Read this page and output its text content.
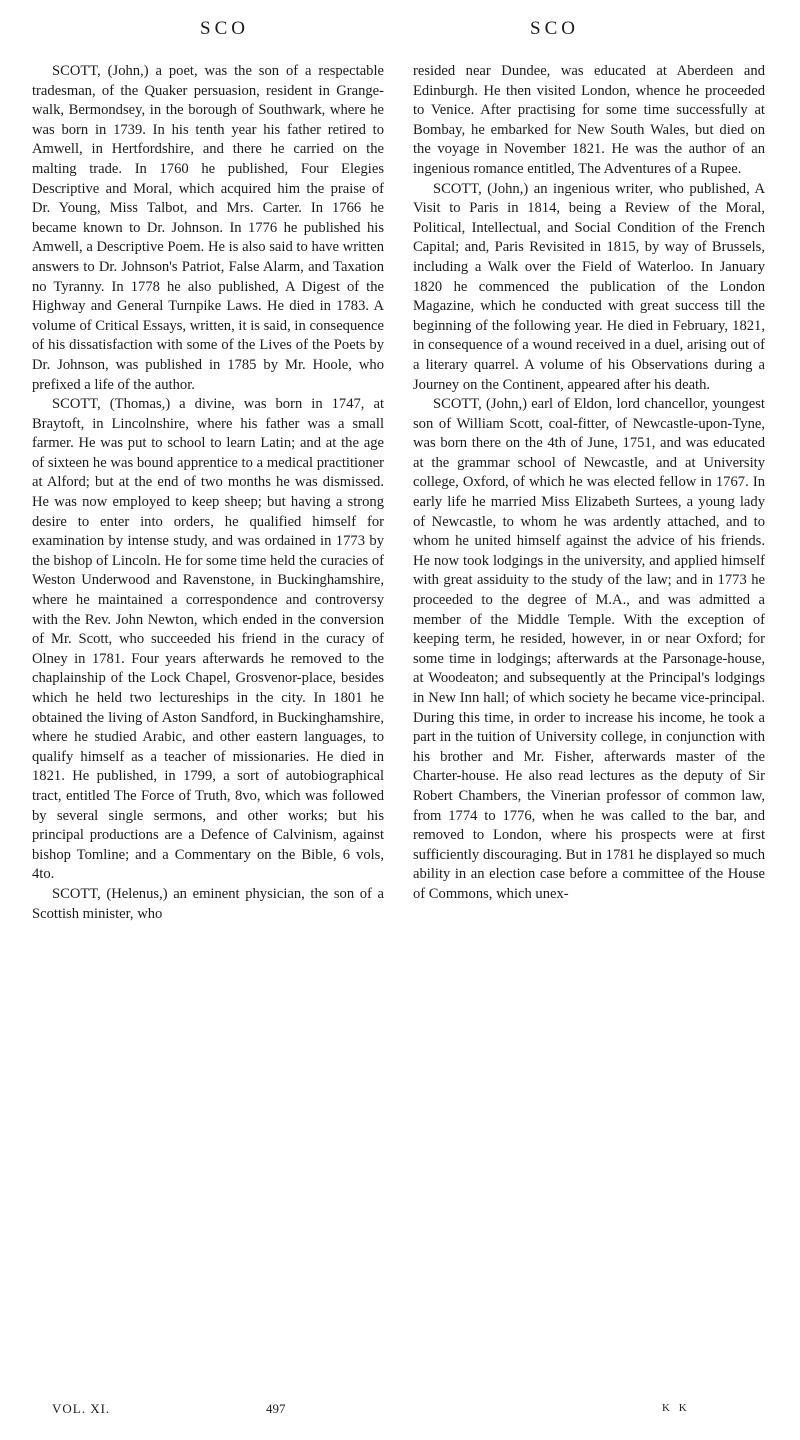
SCO	SCO

SCOTT, (John,) a poet, was the son of a respectable tradesman, of the Quaker persuasion, resident in Grange-walk, Bermondsey, in the borough of Southwark, where he was born in 1739. In his tenth year his father retired to Amwell, in Hertfordshire, and there he carried on the malting trade. In 1760 he published, Four Elegies Descriptive and Moral, which acquired him the praise of Dr. Young, Miss Talbot, and Mrs. Carter. In 1766 he became known to Dr. Johnson. In 1776 he published his Amwell, a Descriptive Poem. He is also said to have written answers to Dr. Johnson's Patriot, False Alarm, and Taxation no Tyranny. In 1778 he also published, A Digest of the Highway and General Turnpike Laws. He died in 1783. A volume of Critical Essays, written, it is said, in consequence of his dissatisfaction with some of the Lives of the Poets by Dr. Johnson, was published in 1785 by Mr. Hoole, who prefixed a life of the author.

SCOTT, (Thomas,) a divine, was born in 1747, at Braytoft, in Lincolnshire, where his father was a small farmer. He was put to school to learn Latin; and at the age of sixteen he was bound apprentice to a medical practitioner at Alford; but at the end of two months he was dismissed. He was now employed to keep sheep; but having a strong desire to enter into orders, he qualified himself for examination by intense study, and was ordained in 1773 by the bishop of Lincoln. He for some time held the curacies of Weston Underwood and Ravenstone, in Buckinghamshire, where he maintained a correspondence and controversy with the Rev. John Newton, which ended in the conversion of Mr. Scott, who succeeded his friend in the curacy of Olney in 1781. Four years afterwards he removed to the chaplainship of the Lock Chapel, Grosvenor-place, besides which he held two lectureships in the city. In 1801 he obtained the living of Aston Sandford, in Buckinghamshire, where he studied Arabic, and other eastern languages, to qualify himself as a teacher of missionaries. He died in 1821. He published, in 1799, a sort of autobiographical tract, entitled The Force of Truth, 8vo, which was followed by several single sermons, and other works; but his principal productions are a Defence of Calvinism, against bishop Tomline; and a Commentary on the Bible, 6 vols, 4to.

SCOTT, (Helenus,) an eminent physician, the son of a Scottish minister, who

resided near Dundee, was educated at Aberdeen and Edinburgh. He then visited London, whence he proceeded to Venice. After practising for some time successfully at Bombay, he embarked for New South Wales, but died on the voyage in November 1821. He was the author of an ingenious romance entitled, The Adventures of a Rupee.

SCOTT, (John,) an ingenious writer, who published, A Visit to Paris in 1814, being a Review of the Moral, Political, Intellectual, and Social Condition of the French Capital; and, Paris Revisited in 1815, by way of Brussels, including a Walk over the Field of Waterloo. In January 1820 he commenced the publication of the London Magazine, which he conducted with great success till the beginning of the following year. He died in February, 1821, in consequence of a wound received in a duel, arising out of a literary quarrel. A volume of his Observations during a Journey on the Continent, appeared after his death.

SCOTT, (John,) earl of Eldon, lord chancellor, youngest son of William Scott, coal-fitter, of Newcastle-upon-Tyne, was born there on the 4th of June, 1751, and was educated at the grammar school of Newcastle, and at University college, Oxford, of which he was elected fellow in 1767. In early life he married Miss Elizabeth Surtees, a young lady of Newcastle, to whom he was ardently attached, and to whom he united himself against the advice of his friends. He now took lodgings in the university, and applied himself with great assiduity to the study of the law; and in 1773 he proceeded to the degree of M.A., and was admitted a member of the Middle Temple. With the exception of keeping term, he resided, however, in or near Oxford; for some time in lodgings; afterwards at the Parsonage-house, at Woodeaton; and subsequently at the Principal's lodgings in New Inn hall; of which society he became vice-principal. During this time, in order to increase his income, he took a part in the tuition of University college, in conjunction with his brother and Mr. Fisher, afterwards master of the Charter-house. He also read lectures as the deputy of Sir Robert Chambers, the Vinerian professor of common law, from 1774 to 1776, when he was called to the bar, and removed to London, where his prospects were at first sufficiently discouraging. But in 1781 he displayed so much ability in an election case before a committee of the House of Commons, which unex-

VOL. XI.	497	K K
